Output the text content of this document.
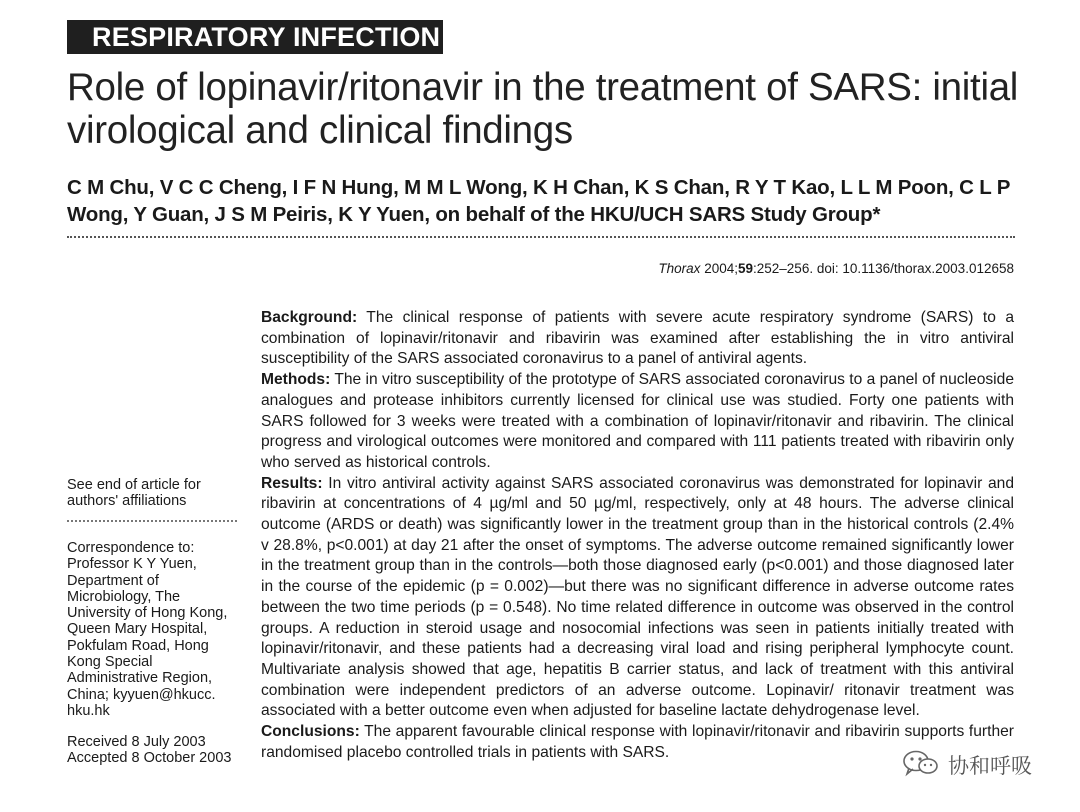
RESPIRATORY INFECTION
Role of lopinavir/ritonavir in the treatment of SARS: initial virological and clinical findings
C M Chu, V C C Cheng, I F N Hung, M M L Wong, K H Chan, K S Chan, R Y T Kao, L L M Poon, C L P Wong, Y Guan, J S M Peiris, K Y Yuen, on behalf of the HKU/UCH SARS Study Group*
Thorax 2004;59:252–256. doi: 10.1136/thorax.2003.012658
See end of article for
authors' affiliations
Correspondence to:
Professor K Y Yuen,
Department of
Microbiology, The
University of Hong Kong,
Queen Mary Hospital,
Pokfulam Road, Hong
Kong Special
Administrative Region,
China; kyyuen@hkucc.
hku.hk
Received 8 July 2003
Accepted 8 October 2003

Background: The clinical response of patients with severe acute respiratory syndrome (SARS) to a combination of lopinavir/ritonavir and ribavirin was examined after establishing the in vitro antiviral susceptibility of the SARS associated coronavirus to a panel of antiviral agents.

Methods: The in vitro susceptibility of the prototype of SARS associated coronavirus to a panel of nucleoside analogues and protease inhibitors currently licensed for clinical use was studied. Forty one patients with SARS followed for 3 weeks were treated with a combination of lopinavir/ritonavir and ribavirin. The clinical progress and virological outcomes were monitored and compared with 111 patients treated with ribavirin only who served as historical controls.

Results: In vitro antiviral activity against SARS associated coronavirus was demonstrated for lopinavir and ribavirin at concentrations of 4 µg/ml and 50 µg/ml, respectively, only at 48 hours. The adverse clinical outcome (ARDS or death) was significantly lower in the treatment group than in the historical controls (2.4% v 28.8%, p<0.001) at day 21 after the onset of symptoms. The adverse outcome remained significantly lower in the treatment group than in the controls—both those diagnosed early (p<0.001) and those diagnosed later in the course of the epidemic (p = 0.002)—but there was no significant difference in adverse outcome rates between the two time periods (p = 0.548). No time related difference in outcome was observed in the control groups. A reduction in steroid usage and nosocomial infections was seen in patients initially treated with lopinavir/ritonavir, and these patients had a decreasing viral load and rising peripheral lymphocyte count. Multivariate analysis showed that age, hepatitis B carrier status, and lack of treatment with this antiviral combination were independent predictors of an adverse outcome. Lopinavir/ ritonavir treatment was associated with a better outcome even when adjusted for baseline lactate dehydrogenase level.

Conclusions: The apparent favourable clinical response with lopinavir/ritonavir and ribavirin supports further randomised placebo controlled trials in patients with SARS.

协和呼吸
